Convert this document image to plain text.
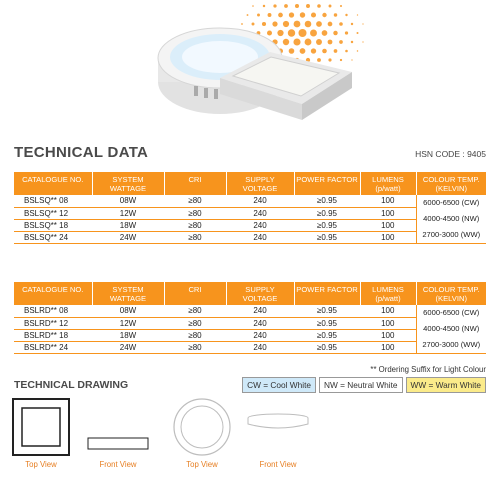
TECHNICAL DATA	HSN CODE : 9405
CATALOGUE NO.	SYSTEM WATTAGE	CRI	SUPPLY VOLTAGE	POWER FACTOR	LUMENS (p/watt)	COLOUR TEMP. (KELVIN)
BSLSQ** 08	08W	≥80	240	≥0.95	100	6000-6500 (CW)
4000-4500 (NW)
2700-3000 (WW)

BSLSQ** 12	12W	≥80	240	≥0.95	100	
BSLSQ** 18	18W	≥80	240	≥0.95	100	
BSLSQ** 24	24W	≥80	240	≥0.95	100	
CATALOGUE NO.	SYSTEM WATTAGE	CRI	SUPPLY VOLTAGE	POWER FACTOR	LUMENS (p/watt)	COLOUR TEMP. (KELVIN)
BSLRD** 08	08W	≥80	240	≥0.95	100	6000-6500 (CW)
4000-4500 (NW)
2700-3000 (WW)

BSLRD** 12	12W	≥80	240	≥0.95	100	
BSLRD** 18	18W	≥80	240	≥0.95	100	
BSLRD** 24	24W	≥80	240	≥0.95	100	
** Ordering Suffix for Light Colour
CW = Cool White	NW = Neutral White	WW = Warm White
TECHNICAL DRAWING
Top View	Front View	Top View	Front View
